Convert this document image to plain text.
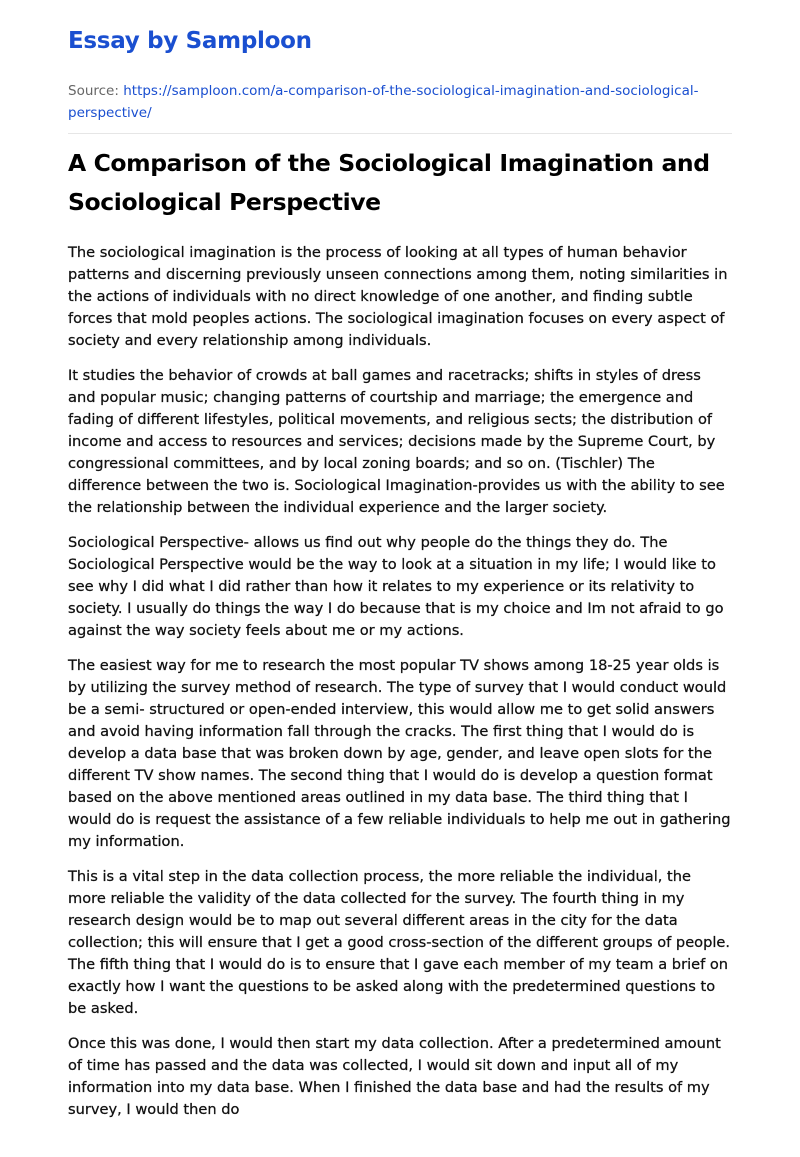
Essay by Samploon
Source: https://samploon.com/a-comparison-of-the-sociological-imagination-and-sociological-perspective/
A Comparison of the Sociological Imagination and Sociological Perspective

The sociological imagination is the process of looking at all types of human behavior patterns and discerning previously unseen connections among them, noting similarities in the actions of individuals with no direct knowledge of one another, and finding subtle forces that mold peoples actions. The sociological imagination focuses on every aspect of society and every relationship among individuals.

It studies the behavior of crowds at ball games and racetracks; shifts in styles of dress and popular music; changing patterns of courtship and marriage; the emergence and fading of different lifestyles, political movements, and religious sects; the distribution of income and access to resources and services; decisions made by the Supreme Court, by congressional committees, and by local zoning boards; and so on. (Tischler) The difference between the two is. Sociological Imagination-provides us with the ability to see the relationship between the individual experience and the larger society.

Sociological Perspective- allows us find out why people do the things they do. The Sociological Perspective would be the way to look at a situation in my life; I would like to see why I did what I did rather than how it relates to my experience or its relativity to society. I usually do things the way I do because that is my choice and Im not afraid to go against the way society feels about me or my actions.

The easiest way for me to research the most popular TV shows among 18-25 year olds is by utilizing the survey method of research. The type of survey that I would conduct would be a semi- structured or open-ended interview, this would allow me to get solid answers and avoid having information fall through the cracks. The first thing that I would do is develop a data base that was broken down by age, gender, and leave open slots for the different TV show names. The second thing that I would do is develop a question format based on the above mentioned areas outlined in my data base. The third thing that I would do is request the assistance of a few reliable individuals to help me out in gathering my information.

This is a vital step in the data collection process, the more reliable the individual, the more reliable the validity of the data collected for the survey. The fourth thing in my research design would be to map out several different areas in the city for the data collection; this will ensure that I get a good cross-section of the different groups of people. The fifth thing that I would do is to ensure that I gave each member of my team a brief on exactly how I want the questions to be asked along with the predetermined questions to be asked.

Once this was done, I would then start my data collection. After a predetermined amount of time has passed and the data was collected, I would sit down and input all of my information into my data base. When I finished the data base and had the results of my survey, I would then do
